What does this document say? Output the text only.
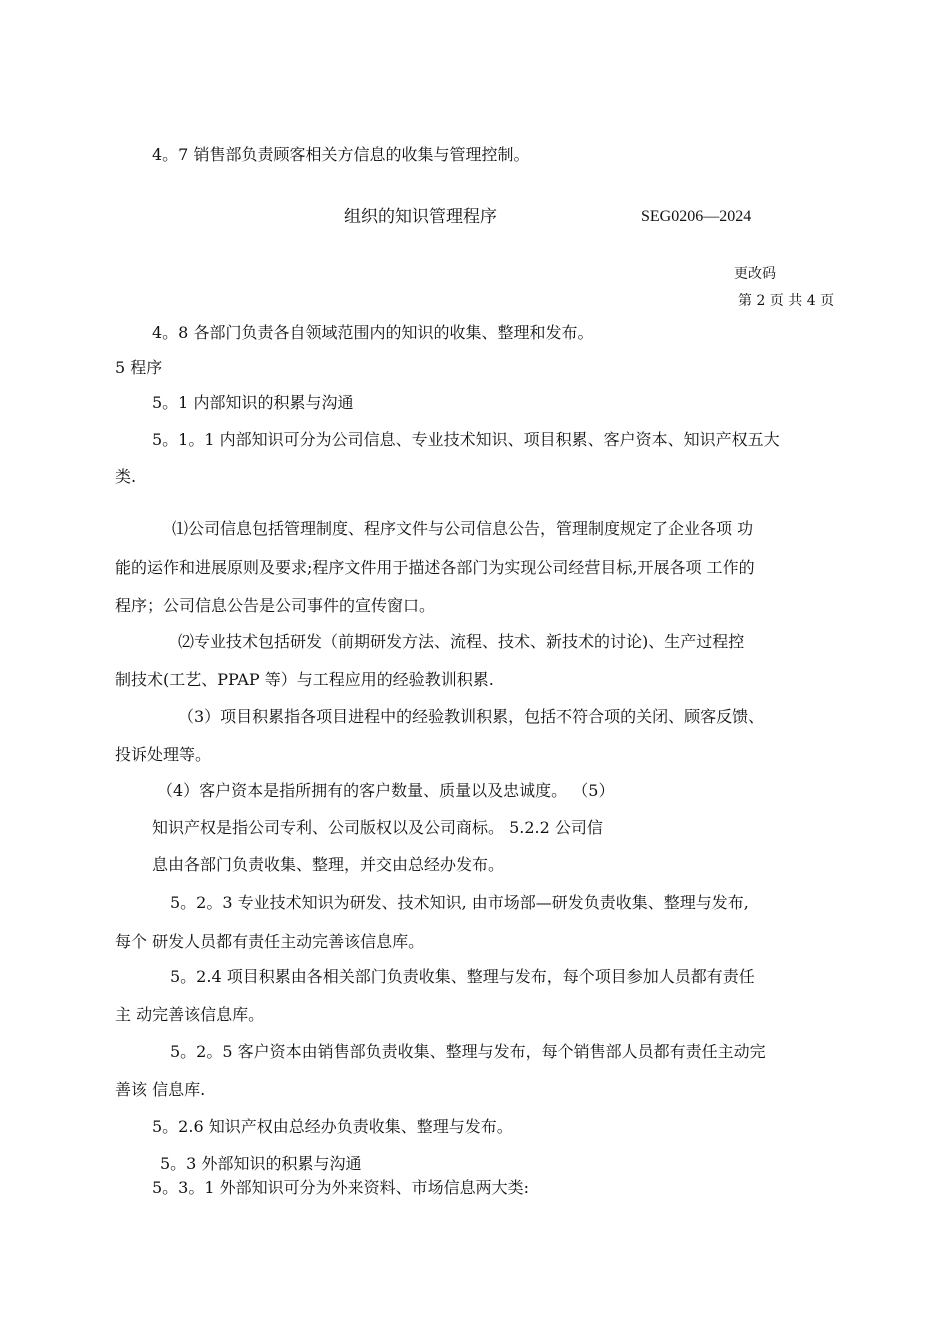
4。7 销售部负责顾客相关方信息的收集与管理控制。
组织的知识管理程序	SEG0206—2024
更改码
第 2 页 共 4 页
4。8 各部门负责各自领域范围内的知识的收集、整理和发布。
5 程序
5。1 内部知识的积累与沟通
5。1。1 内部知识可分为公司信息、专业技术知识、项目积累、客户资本、知识产权五大
类.
⑴公司信息包括管理制度、程序文件与公司信息公告，管理制度规定了企业各项 功
能的运作和进展原则及要求;程序文件用于描述各部门为实现公司经营目标,开展各项 工作的
程序；公司信息公告是公司事件的宣传窗口。
⑵专业技术包括研发（前期研发方法、流程、技术、新技术的讨论)、生产过程控
制技术(工艺、PPAP 等）与工程应用的经验教训积累.
（3）项目积累指各项目进程中的经验教训积累，包括不符合项的关闭、顾客反馈、
投诉处理等。
（4）客户资本是指所拥有的客户数量、质量以及忠诚度。 （5）
知识产权是指公司专利、公司版权以及公司商标。 5.2.2 公司信
息由各部门负责收集、整理，并交由总经办发布。
5。2。3 专业技术知识为研发、技术知识, 由市场部—研发负责收集、整理与发布,
每个 研发人员都有责任主动完善该信息库。
5。2.4 项目积累由各相关部门负责收集、整理与发布，每个项目参加人员都有责任
主 动完善该信息库。
5。2。5 客户资本由销售部负责收集、整理与发布，每个销售部人员都有责任主动完
善该 信息库.
5。2.6 知识产权由总经办负责收集、整理与发布。
5。3 外部知识的积累与沟通
5。3。1 外部知识可分为外来资料、市场信息两大类:
